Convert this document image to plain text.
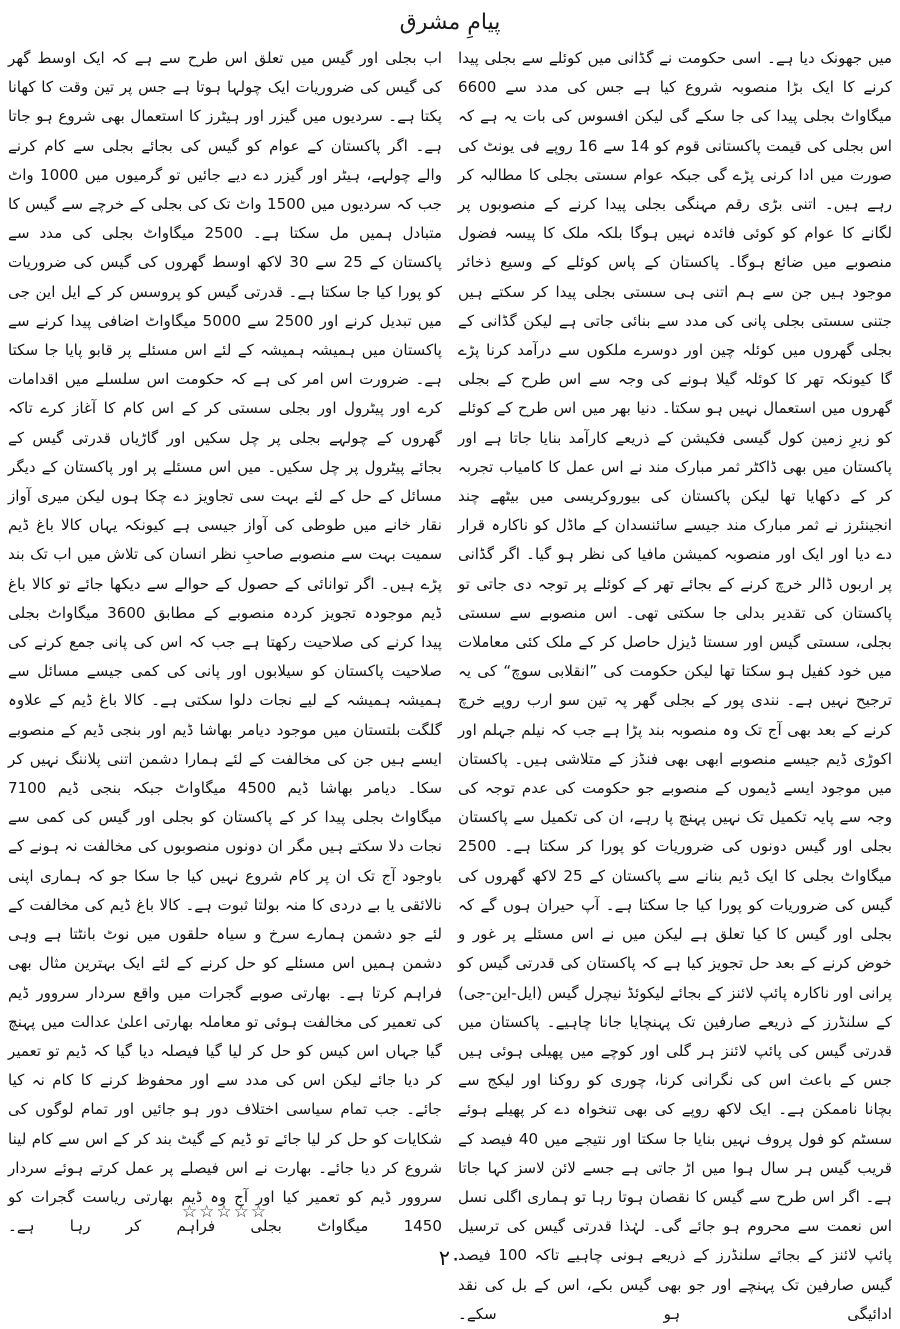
پیامِ مشرق

میں جھونک دیا ہے۔ اسی حکومت نے گڈانی میں کوئلے سے بجلی پیدا کرنے کا ایک بڑا منصوبہ شروع کیا ہے جس کی مدد سے 6600 میگاواٹ بجلی پیدا کی جا سکے گی لیکن افسوس کی بات یہ ہے کہ اس بجلی کی قیمت پاکستانی قوم کو 14 سے 16 روپے فی یونٹ کی صورت میں ادا کرنی پڑے گی جبکہ عوام سستی بجلی کا مطالبہ کر رہے ہیں۔ اتنی بڑی رقم مہنگی بجلی پیدا کرنے کے منصوبوں پر لگانے کا عوام کو کوئی فائدہ نہیں ہوگا بلکہ ملک کا پیسہ فضول منصوبے میں ضائع ہوگا۔ پاکستان کے پاس کوئلے کے وسیع ذخائر موجود ہیں جن سے ہم اتنی ہی سستی بجلی پیدا کر سکتے ہیں جتنی سستی بجلی پانی کی مدد سے بنائی جاتی ہے لیکن گڈانی کے بجلی گھروں میں کوئلہ چین اور دوسرے ملکوں سے درآمد کرنا پڑے گا کیونکہ تھر کا کوئلہ گیلا ہونے کی وجہ سے اس طرح کے بجلی گھروں میں استعمال نہیں ہو سکتا۔ دنیا بھر میں اس طرح کے کوئلے کو زیرِ زمین کول گیسی فکیشن کے ذریعے کارآمد بنایا جاتا ہے اور پاکستان میں بھی ڈاکٹر ثمر مبارک مند نے اس عمل کا کامیاب تجربہ کر کے دکھایا تھا لیکن پاکستان کی بیوروکریسی میں بیٹھے چند انجینئرز نے ثمر مبارک مند جیسے سائنسدان کے ماڈل کو ناکارہ قرار دے دیا اور ایک اور منصوبہ کمیشن مافیا کی نظر ہو گیا۔ اگر گڈانی پر اربوں ڈالر خرچ کرنے کے بجائے تھر کے کوئلے پر توجہ دی جاتی تو پاکستان کی تقدیر بدلی جا سکتی تھی۔ اس منصوبے سے سستی بجلی، سستی گیس اور سستا ڈیزل حاصل کر کے ملک کئی معاملات میں خود کفیل ہو سکتا تھا لیکن حکومت کی ”انقلابی سوچ“ کی یہ ترجیح نہیں ہے۔ نندی پور کے بجلی گھر پہ تین سو ارب روپے خرچ کرنے کے بعد بھی آج تک وہ منصوبہ بند پڑا ہے جب کہ نیلم جہلم اور اکوڑی ڈیم جیسے منصوبے ابھی بھی فنڈز کے متلاشی ہیں۔ پاکستان میں موجود ایسے ڈیموں کے منصوبے جو حکومت کی عدم توجہ کی وجہ سے پایہ تکمیل تک نہیں پہنچ پا رہے، ان کی تکمیل سے پاکستان بجلی اور گیس دونوں کی ضروریات کو پورا کر سکتا ہے۔ 2500 میگاواٹ بجلی کا ایک ڈیم بنانے سے پاکستان کے 25 لاکھ گھروں کی گیس کی ضروریات کو پورا کیا جا سکتا ہے۔ آپ حیران ہوں گے کہ بجلی اور گیس کا کیا تعلق ہے لیکن میں نے اس مسئلے پر غور و خوض کرنے کے بعد حل تجویز کیا ہے کہ پاکستان کی قدرتی گیس کو پرانی اور ناکارہ پائپ لائنز کے بجائے لیکوئڈ نیچرل گیس (ایل-این-جی) کے سلنڈرز کے ذریعے صارفین تک پہنچایا جانا چاہیے۔ پاکستان میں قدرتی گیس کی پائپ لائنز ہر گلی اور کوچے میں پھیلی ہوئی ہیں جس کے باعث اس کی نگرانی کرنا، چوری کو روکنا اور لیکج سے بچانا ناممکن ہے۔ ایک لاکھ روپے کی بھی تنخواہ دے کر پھیلے ہوئے سسٹم کو فول پروف نہیں بنایا جا سکتا اور نتیجے میں 40 فیصد کے قریب گیس ہر سال ہوا میں اڑ جاتی ہے جسے لائن لاسز کہا جاتا ہے۔ اگر اس طرح سے گیس کا نقصان ہوتا رہا تو ہماری اگلی نسل اس نعمت سے محروم ہو جائے گی۔ لہٰذا قدرتی گیس کی ترسیل پائپ لائنز کے بجائے سلنڈرز کے ذریعے ہونی چاہیے تاکہ 100 فیصد گیس صارفین تک پہنچے اور جو بھی گیس بکے، اس کے بل کی نقد ادائیگی ہو سکے۔

اب بجلی اور گیس میں تعلق اس طرح سے ہے کہ ایک اوسط گھر کی گیس کی ضروریات ایک چولہا ہوتا ہے جس پر تین وقت کا کھانا پکتا ہے۔ سردیوں میں گیزر اور ہیٹرز کا استعمال بھی شروع ہو جاتا ہے۔ اگر پاکستان کے عوام کو گیس کی بجائے بجلی سے کام کرنے والے چولہے، ہیٹر اور گیزر دے دیے جائیں تو گرمیوں میں 1000 واٹ جب کہ سردیوں میں 1500 واٹ تک کی بجلی کے خرچے سے گیس کا متبادل ہمیں مل سکتا ہے۔ 2500 میگاواٹ بجلی کی مدد سے پاکستان کے 25 سے 30 لاکھ اوسط گھروں کی گیس کی ضروریات کو پورا کیا جا سکتا ہے۔ قدرتی گیس کو پروسس کر کے ایل این جی میں تبدیل کرنے اور 2500 سے 5000 میگاواٹ اضافی پیدا کرنے سے پاکستان میں ہمیشہ ہمیشہ کے لئے اس مسئلے پر قابو پایا جا سکتا ہے۔ ضرورت اس امر کی ہے کہ حکومت اس سلسلے میں اقدامات کرے اور پیٹرول اور بجلی سستی کر کے اس کام کا آغاز کرے تاکہ گھروں کے چولہے بجلی پر چل سکیں اور گاڑیاں قدرتی گیس کے بجائے پیٹرول پر چل سکیں۔ میں اس مسئلے پر اور پاکستان کے دیگر مسائل کے حل کے لئے بہت سی تجاویز دے چکا ہوں لیکن میری آواز نقار خانے میں طوطی کی آواز جیسی ہے کیونکہ یہاں کالا باغ ڈیم سمیت بہت سے منصوبے صاحبِ نظر انسان کی تلاش میں اب تک بند پڑے ہیں۔ اگر توانائی کے حصول کے حوالے سے دیکھا جائے تو کالا باغ ڈیم موجودہ تجویز کردہ منصوبے کے مطابق 3600 میگاواٹ بجلی پیدا کرنے کی صلاحیت رکھتا ہے جب کہ اس کی پانی جمع کرنے کی صلاحیت پاکستان کو سیلابوں اور پانی کی کمی جیسے مسائل سے ہمیشہ ہمیشہ کے لیے نجات دلوا سکتی ہے۔ کالا باغ ڈیم کے علاوہ گلگت بلتستان میں موجود دیامر بھاشا ڈیم اور بنجی ڈیم کے منصوبے ایسے ہیں جن کی مخالفت کے لئے ہمارا دشمن اتنی پلاننگ نہیں کر سکا۔ دیامر بھاشا ڈیم 4500 میگاواٹ جبکہ بنجی ڈیم 7100 میگاواٹ بجلی پیدا کر کے پاکستان کو بجلی اور گیس کی کمی سے نجات دلا سکتے ہیں مگر ان دونوں منصوبوں کی مخالفت نہ ہونے کے باوجود آج تک ان پر کام شروع نہیں کیا جا سکا جو کہ ہماری اپنی نالائقی یا بے دردی کا منہ بولتا ثبوت ہے۔ کالا باغ ڈیم کی مخالفت کے لئے جو دشمن ہمارے سرخ و سیاہ حلقوں میں نوٹ بانٹتا ہے وہی دشمن ہمیں اس مسئلے کو حل کرنے کے لئے ایک بہترین مثال بھی فراہم کرتا ہے۔ بھارتی صوبے گجرات میں واقع سردار سروور ڈیم کی تعمیر کی مخالفت ہوئی تو معاملہ بھارتی اعلیٰ عدالت میں پہنچ گیا جہاں اس کیس کو حل کر لیا گیا فیصلہ دیا گیا کہ ڈیم تو تعمیر کر دیا جائے لیکن اس کی مدد سے اور محفوظ کرنے کا کام نہ کیا جائے۔ جب تمام سیاسی اختلاف دور ہو جائیں اور تمام لوگوں کی شکایات کو حل کر لیا جائے تو ڈیم کے گیٹ بند کر کے اس سے کام لینا شروع کر دیا جائے۔ بھارت نے اس فیصلے پر عمل کرتے ہوئے سردار سروور ڈیم کو تعمیر کیا اور آج وہ ڈیم بھارتی ریاست گجرات کو 1450 میگاواٹ بجلی فراہم کر رہا ہے۔

☆☆☆☆☆
۲۰
